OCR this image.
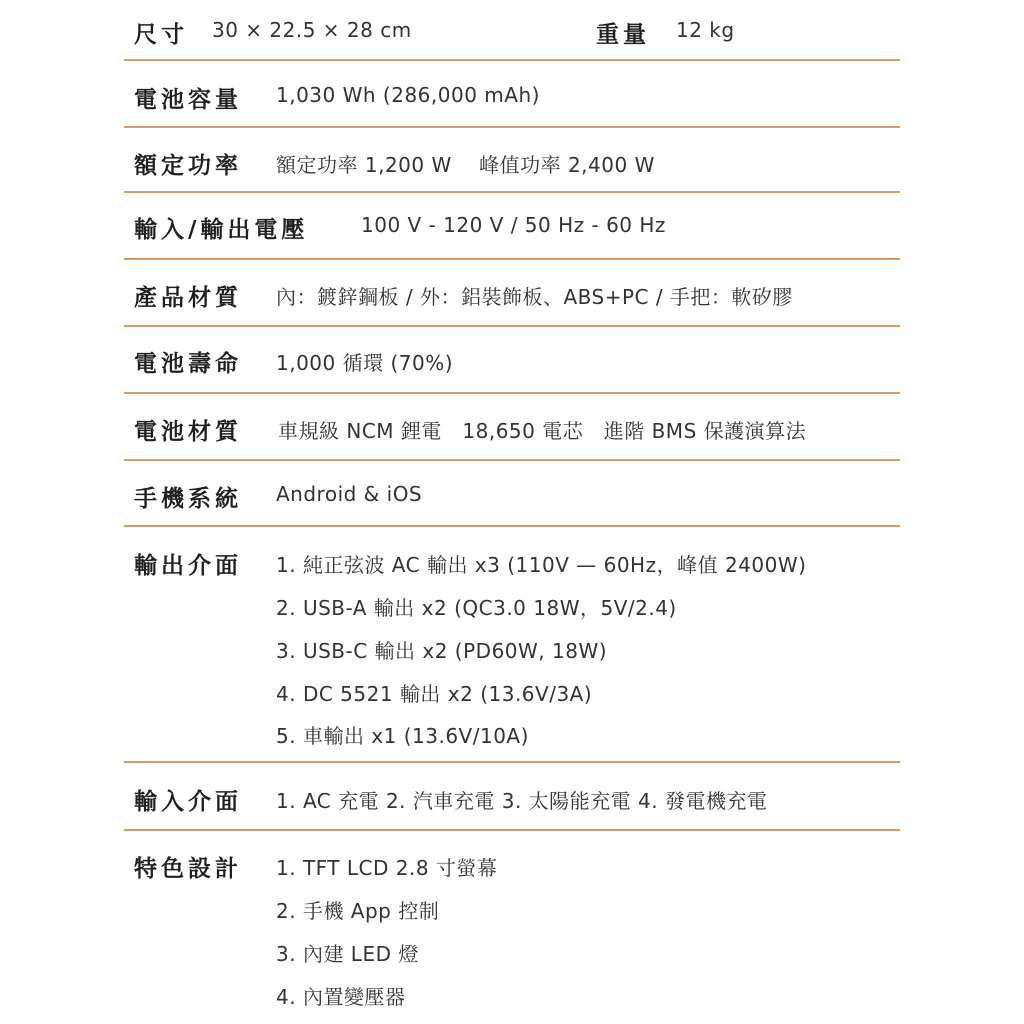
尺寸 30 × 22.5 × 28 cm	重量 12 kg
電池容量 1,030 Wh (286,000 mAh)
額定功率 額定功率 1,200 W　 峰值功率 2,400 W
輸入/輸出電壓	100 V - 120 V / 50 Hz - 60 Hz
產品材質 內：鍍鋅鋼板 / 外：鋁裝飾板、ABS+PC / 手把：軟矽膠
電池壽命 1,000 循環 (70%)
電池材質 車規級 NCM 鋰電　18,650 電芯　進階 BMS 保護演算法
手機系統 Android & iOS
輸出介面 1. 純正弦波 AC 輸出 x3 (110V — 60Hz，峰值 2400W)
2. USB-A 輸出 x2 (QC3.0 18W，5V/2.4)
3. USB-C 輸出 x2 (PD60W, 18W)
4. DC 5521 輸出 x2 (13.6V/3A)
5. 車輸出 x1 (13.6V/10A)
輸入介面 1. AC 充電 2. 汽車充電 3. 太陽能充電 4. 發電機充電
特色設計 1. TFT LCD 2.8 寸螢幕
2. 手機 App 控制
3. 內建 LED 燈
4. 內置變壓器
